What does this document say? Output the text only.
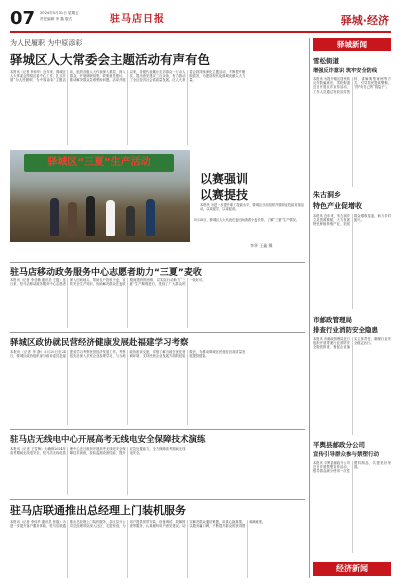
07 2024年5月31日 星期五
责任编辑 李 鑫 版式	驻马店日报	驿城·经济
为人民履职 为中原添彩
驿城区人大常委会主题活动有声有色
本报讯（记者 李伟华）近年来，驿城区人大常委会围绕区委中心工作，扎实开展“为人民履职、为中原添彩”主题活动，组织各级人大代表深入基层、深入群众，开展调研视察，收集意见建议，推动解决群众急难愁盼问题。活动开展以来，各级代表累计走访群众一万余人次，提出意见建议三百余条，有力推动了全区经济社会高质量发展。区人大常委会将持续深化主题活动，不断提升履职质效，为建设现代化驿城贡献人大力量。
驿城区“三夏”生产活动
5月28日，驿城区人大代表在麦田间查看小麦长势，了解“三夏”生产情况。
以赛强训
以赛提技
本报讯 为进一步提升职工技能水平，驿城区日前组织开展职业技能竞赛活动，以赛促学、以赛促训。
李华 王鑫 摄
驿城新闻
雪松街道
增强反诈意识 筑牢安全防线
本报讯 为提升辖区居民的反诈防骗意识，雪松街道近日开展反诈宣传活动，工作人员通过发放宣传资料、讲解典型案例等方式，引导居民提高警惕，守护好自己的“钱袋子”。
朱古洞乡
特色产业促增收
本报讯 近年来，朱古洞乡立足资源禀赋，大力发展特色种植养殖产业，拓宽群众增收渠道，助力乡村振兴。
市邮政管理局
排查行业消防安全隐患
本报讯 市邮政管理局近日组织开展寄递行业消防安全隐患排查，督促企业落实主体责任，确保行业安全稳定运行。
平舆县邮政分公司
宣传引导群众参与禁塑行动
本报讯 平舆县邮政分公司近日开展禁塑宣传活动，倡导群众减少使用一次性塑料制品，共建美好家园。
经济新闻
驻马店移动政务服务中心志愿者助力“三夏”麦收
本报讯（记者 李亚楠 通讯员 王磊）连日来，驻马店移动政务服务中心志愿者深入田间地头，帮助农户抢收小麦，宣传安全生产知识，协助解决群众在麦收期间遇到的困难，以实际行动助力“三夏”生产顺利进行，受到了广大群众的一致好评。
驿城区政协就民营经济健康发展赴福建学习考察
本报讯（记者 李 静）5月20日至24日，驿城区政协组织部分政协委员赴福建省学习考察民营经济发展工作。考察组先后深入多家企业参观学习，与当地政协座谈交流，详细了解当地在优化营商环境、支持民营企业发展方面的经验做法，为推动驿城区民营经济高质量发展提供借鉴。
驻马店无线电中心开展高考无线电安全保障技术演练
本报讯（记者 王雪梅）为确保2024年高考期间无线电安全，驻马店无线电管理中心近日组织开展高考无线电安全保障技术演练，检验监测设备性能，提升应急处置能力，全力保障高考期间无线电安全。
驻马店联通推出总经理上门装机服务
本报讯（记者 李伟华 通讯员 张磊）为进一步提升客户服务体验，驻马店联通推出总经理上门装机服务，各区县分公司总经理带队深入社区、走进家庭，为用户提供宽带安装、设备调试、故障排查等服务，认真倾听用户意见建议，切实解决群众通信难题，用真心换真情，以服务赢口碑，不断提升群众的获得感和满意度。
